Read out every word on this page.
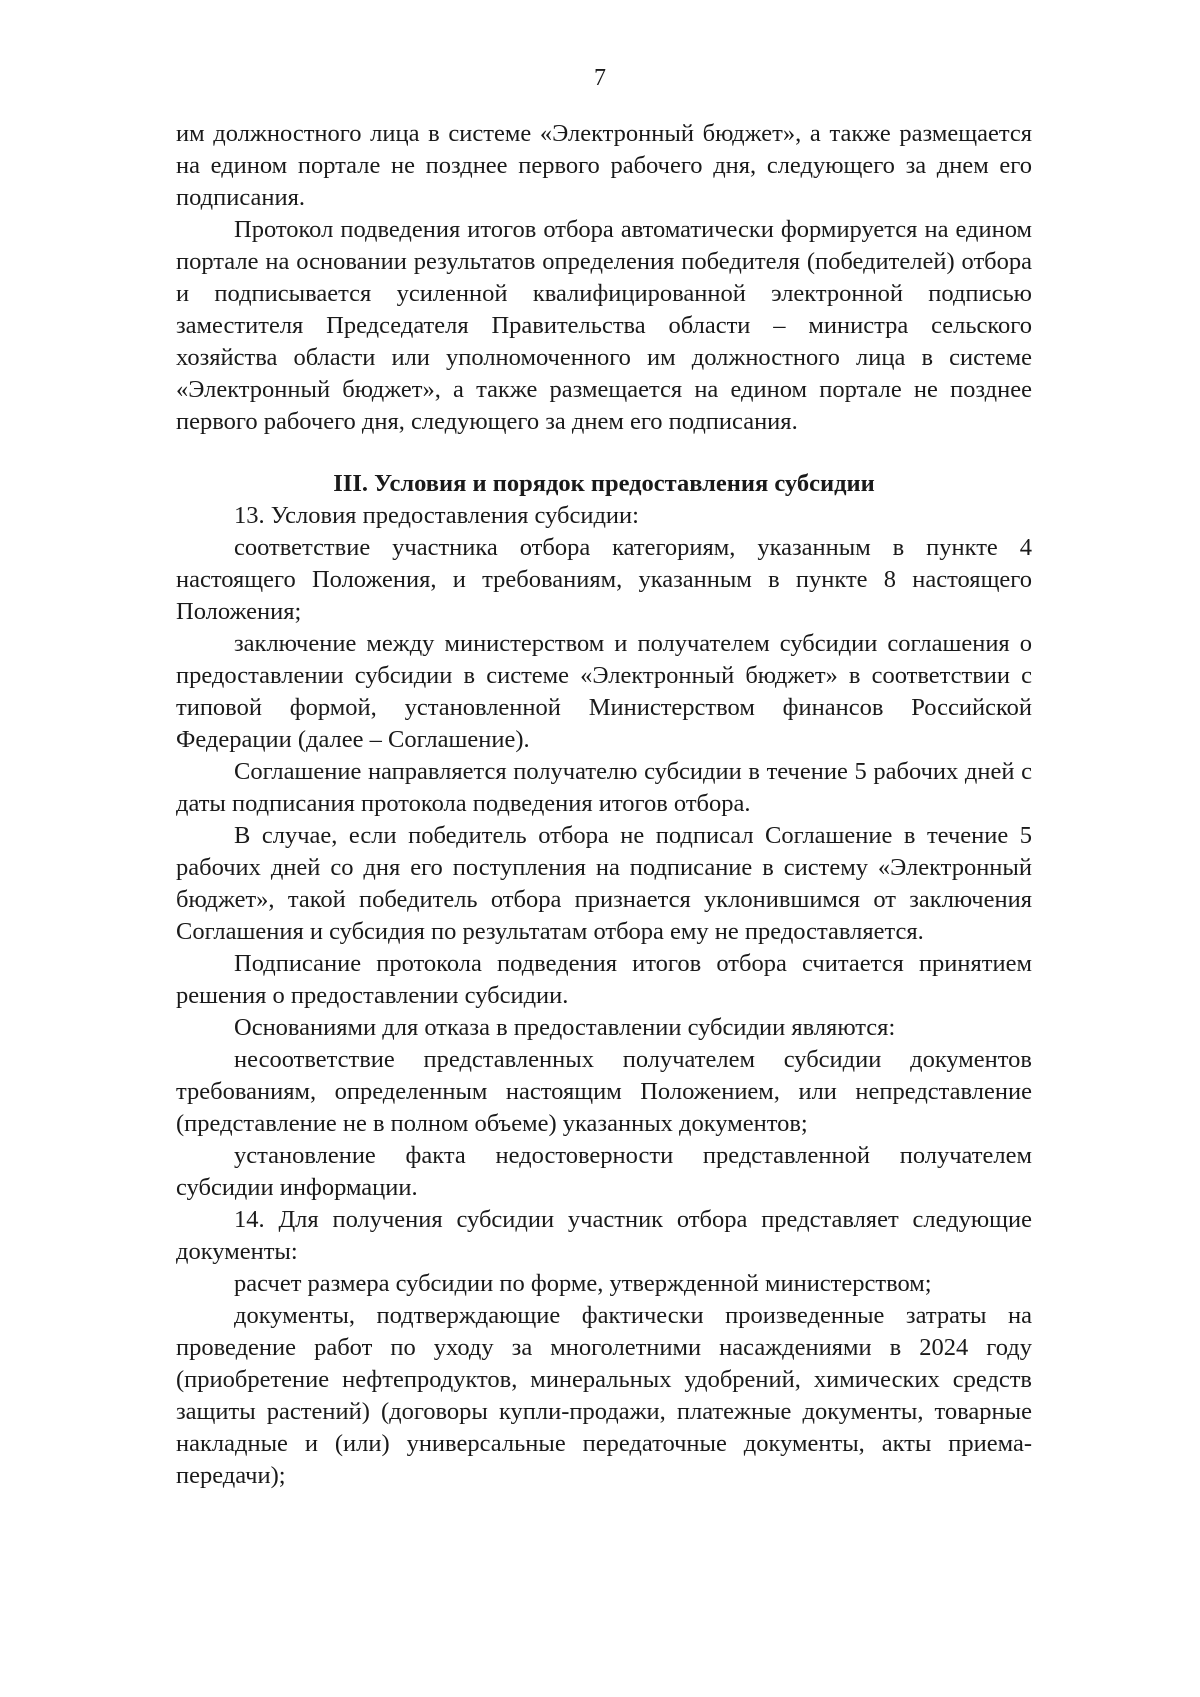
7

им должностного лица в системе «Электронный бюджет», а также размещается на едином портале не позднее первого рабочего дня, следующего за днем его подписания.

Протокол подведения итогов отбора автоматически формируется на едином портале на основании результатов определения победителя (победителей) отбора и подписывается усиленной квалифицированной электронной подписью заместителя Председателя Правительства области – министра сельского хозяйства области или уполномоченного им должностного лица в системе «Электронный бюджет», а также размещается на едином портале не позднее первого рабочего дня, следующего за днем его подписания.

III. Условия и порядок предоставления субсидии

13. Условия предоставления субсидии:

соответствие участника отбора категориям, указанным в пункте 4 настоящего Положения, и требованиям, указанным в пункте 8 настоящего Положения;

заключение между министерством и получателем субсидии соглашения о предоставлении субсидии в системе «Электронный бюджет» в соответствии с типовой формой, установленной Министерством финансов Российской Федерации (далее – Соглашение).

Соглашение направляется получателю субсидии в течение 5 рабочих дней с даты подписания протокола подведения итогов отбора.

В случае, если победитель отбора не подписал Соглашение в течение 5 рабочих дней со дня его поступления на подписание в систему «Электронный бюджет», такой победитель отбора признается уклонившимся от заключения Соглашения и субсидия по результатам отбора ему не предоставляется.

Подписание протокола подведения итогов отбора считается принятием решения о предоставлении субсидии.

Основаниями для отказа в предоставлении субсидии являются:

несоответствие представленных получателем субсидии документов требованиям, определенным настоящим Положением, или непредставление (представление не в полном объеме) указанных документов;

установление факта недостоверности представленной получателем субсидии информации.

14. Для получения субсидии участник отбора представляет следующие документы:

расчет размера субсидии по форме, утвержденной министерством;

документы, подтверждающие фактически произведенные затраты на проведение работ по уходу за многолетними насаждениями в 2024 году (приобретение нефтепродуктов, минеральных удобрений, химических средств защиты растений) (договоры купли-продажи, платежные документы, товарные накладные и (или) универсальные передаточные документы, акты приема-передачи);
